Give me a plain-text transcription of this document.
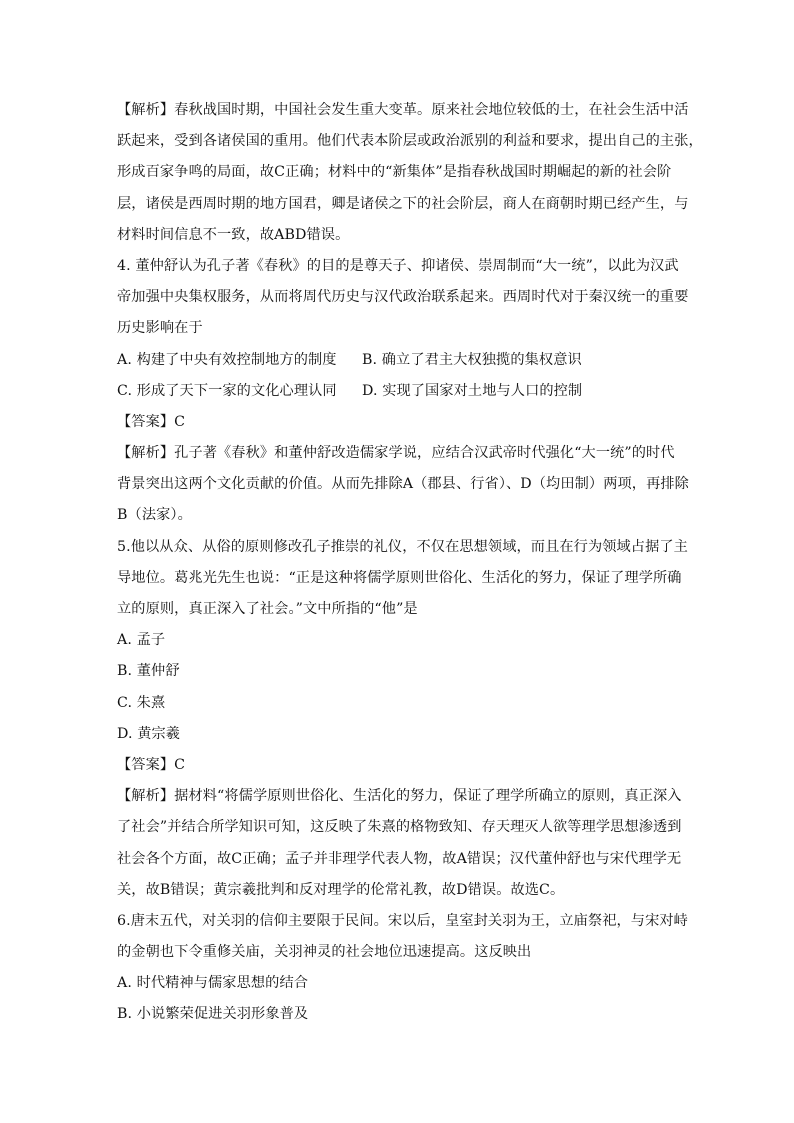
【解析】春秋战国时期，中国社会发生重大变革。原来社会地位较低的士，在社会生活中活
跃起来，受到各诸侯国的重用。他们代表本阶层或政治派别的利益和要求，提出自己的主张，
形成百家争鸣的局面，故C正确；材料中的“新集体”是指春秋战国时期崛起的新的社会阶
层，诸侯是西周时期的地方国君，卿是诸侯之下的社会阶层，商人在商朝时期已经产生，与
材料时间信息不一致，故ABD错误。
4. 董仲舒认为孔子著《春秋》的目的是尊天子、抑诸侯、崇周制而“大一统”，以此为汉武
帝加强中央集权服务，从而将周代历史与汉代政治联系起来。西周时代对于秦汉统一的重要
历史影响在于
A. 构建了中央有效控制地方的制度	B. 确立了君主大权独揽的集权意识
C. 形成了天下一家的文化心理认同	D. 实现了国家对土地与人口的控制
【答案】C
【解析】孔子著《春秋》和董仲舒改造儒家学说，应结合汉武帝时代强化“大一统”的时代
背景突出这两个文化贡献的价值。从而先排除A（郡县、行省）、D（均田制）两项，再排除
B（法家）。
5.他以从众、从俗的原则修改孔子推崇的礼仪，不仅在思想领域，而且在行为领域占据了主
导地位。葛兆光先生也说：“正是这种将儒学原则世俗化、生活化的努力，保证了理学所确
立的原则，真正深入了社会。”文中所指的“他”是
A. 孟子
B. 董仲舒
C. 朱熹
D. 黄宗羲
【答案】C
【解析】据材料“将儒学原则世俗化、生活化的努力，保证了理学所确立的原则，真正深入
了社会”并结合所学知识可知，这反映了朱熹的格物致知、存天理灭人欲等理学思想渗透到
社会各个方面，故C正确；孟子并非理学代表人物，故A错误；汉代董仲舒也与宋代理学无
关，故B错误；黄宗羲批判和反对理学的伦常礼教，故D错误。故选C。
6.唐末五代，对关羽的信仰主要限于民间。宋以后，皇室封关羽为王，立庙祭祀，与宋对峙
的金朝也下令重修关庙，关羽神灵的社会地位迅速提高。这反映出
A. 时代精神与儒家思想的结合
B. 小说繁荣促进关羽形象普及
